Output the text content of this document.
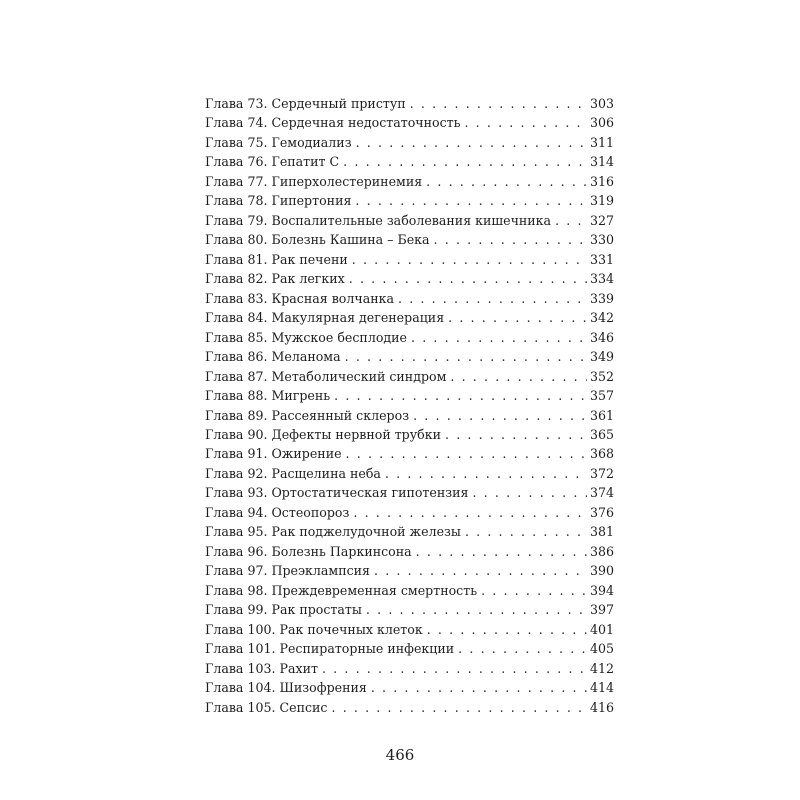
Глава 73. Сердечный приступ . . .	303
Глава 74. Сердечная недостаточность . . .	306
Глава 75. Гемодиализ . . .	311
Глава 76. Гепатит С . . .	314
Глава 77. Гиперхолестеринемия . . .	316
Глава 78. Гипертония . . .	319
Глава 79. Воспалительные заболевания кишечника . . .	327
Глава 80. Болезнь Кашина – Бека . . .	330
Глава 81. Рак печени . . .	331
Глава 82. Рак легких . . .	334
Глава 83. Красная волчанка . . .	339
Глава 84. Макулярная дегенерация . . .	342
Глава 85. Мужское бесплодие . . .	346
Глава 86. Меланома . . .	349
Глава 87. Метаболический синдром . . .	352
Глава 88. Мигрень . . .	357
Глава 89. Рассеянный склероз . . .	361
Глава 90. Дефекты нервной трубки . . .	365
Глава 91. Ожирение . . .	368
Глава 92. Расщелина неба . . .	372
Глава 93. Ортостатическая гипотензия . . .	374
Глава 94. Остеопороз . . .	376
Глава 95. Рак поджелудочной железы . . .	381
Глава 96. Болезнь Паркинсона . . .	386
Глава 97. Преэклампсия . . .	390
Глава 98. Преждевременная смертность . . .	394
Глава 99. Рак простаты . . .	397
Глава 100. Рак почечных клеток . . .	401
Глава 101. Респираторные инфекции . . .	405
Глава 103. Рахит . . .	412
Глава 104. Шизофрения . . .	414
Глава 105. Сепсис . . .	416
466
